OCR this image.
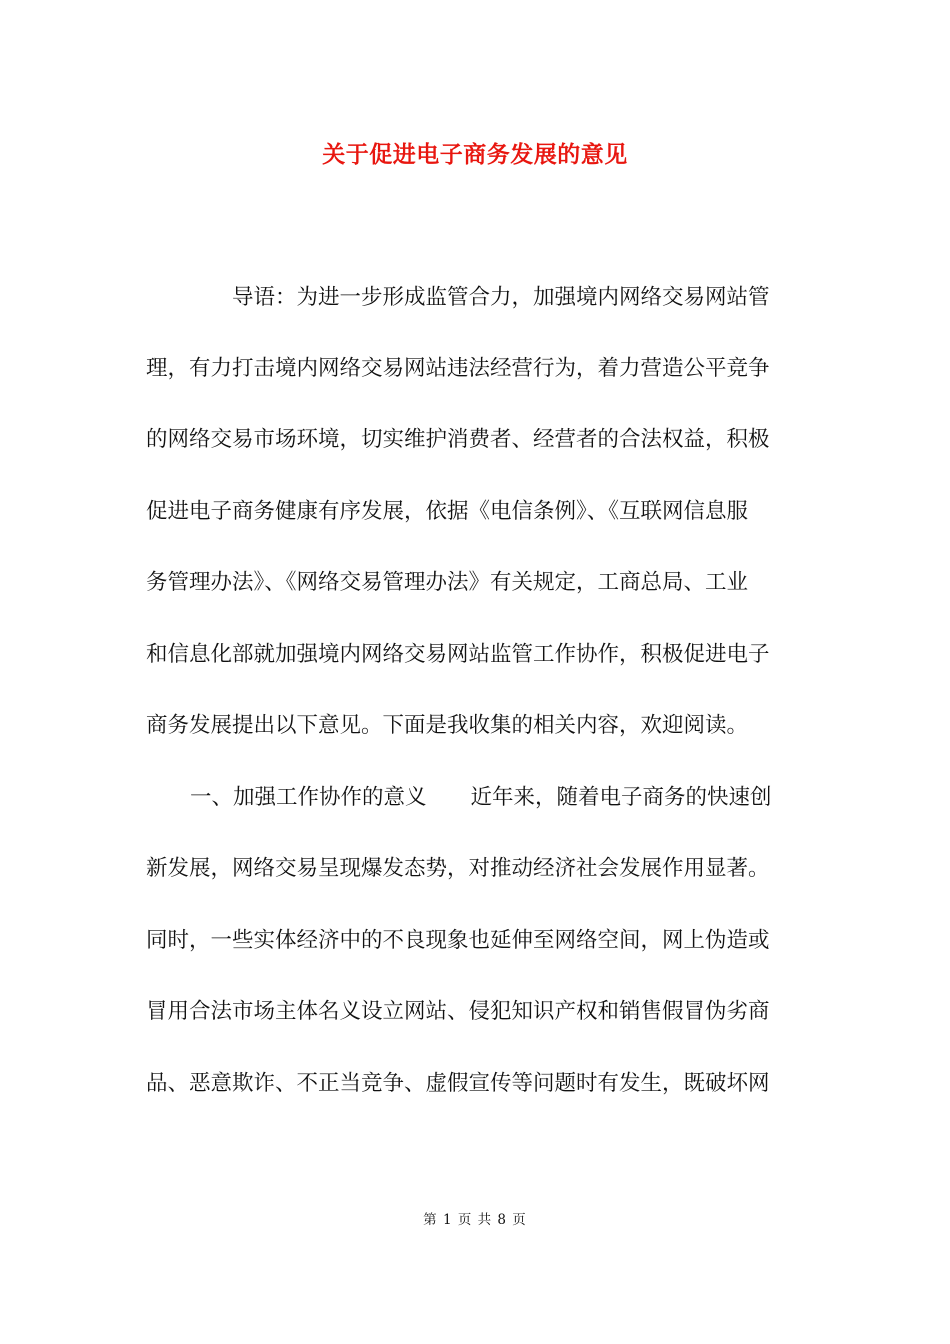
关于促进电子商务发展的意见
导语：为进一步形成监管合力，加强境内网络交易网站管
理，有力打击境内网络交易网站违法经营行为，着力营造公平竞争
的网络交易市场环境，切实维护消费者、经营者的合法权益，积极
促进电子商务健康有序发展，依据《电信条例》、《互联网信息服
务管理办法》、《网络交易管理办法》有关规定，工商总局、工业
和信息化部就加强境内网络交易网站监管工作协作，积极促进电子
商务发展提出以下意见。下面是我收集的相关内容，欢迎阅读。
一、加强工作协作的意义 近年来，随着电子商务的快速创
新发展，网络交易呈现爆发态势，对推动经济社会发展作用显著。
同时，一些实体经济中的不良现象也延伸至网络空间，网上伪造或
冒用合法市场主体名义设立网站、侵犯知识产权和销售假冒伪劣商
品、恶意欺诈、不正当竞争、虚假宣传等问题时有发生，既破坏网
第 1 页 共 8 页
